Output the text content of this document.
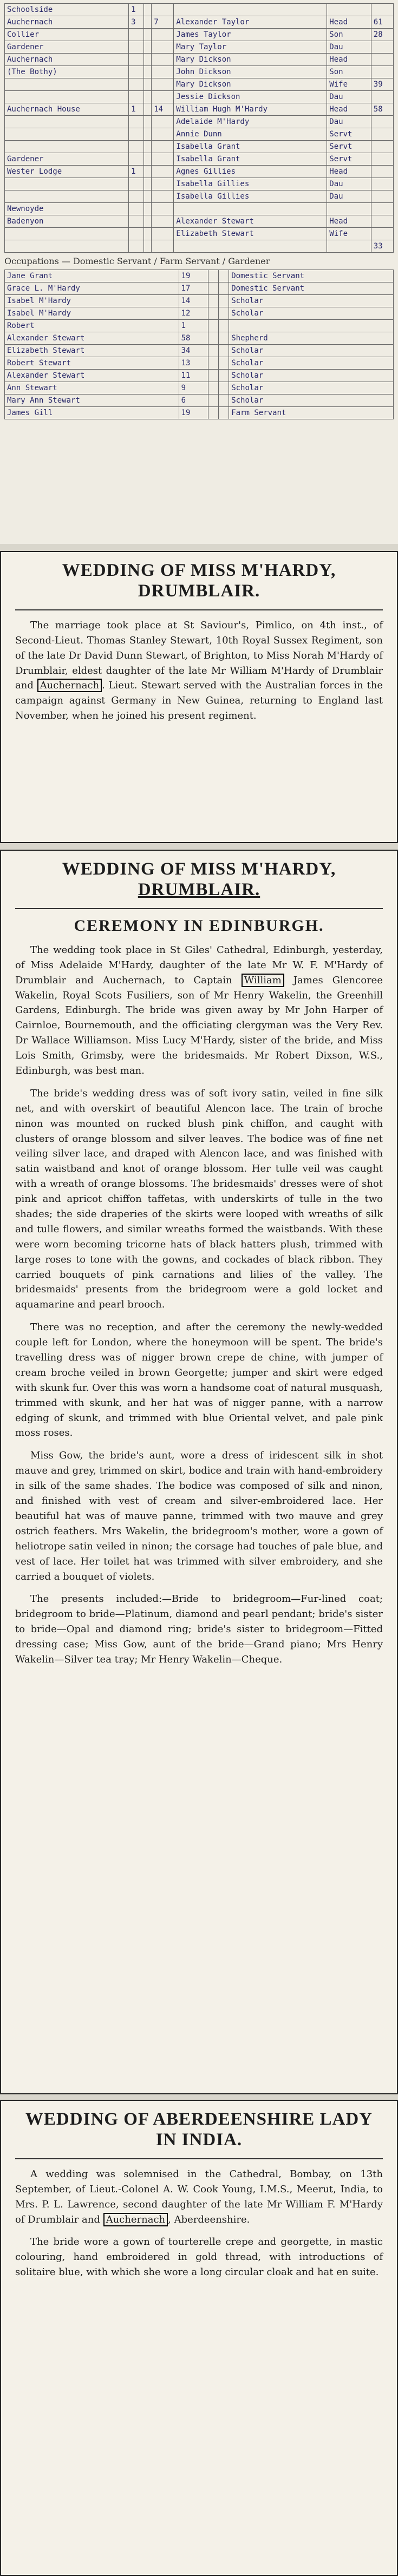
Schoolside	1					
Auchernach	3		7	Alexander Taylor	Head	61
Collier				James Taylor	Son	28
Gardener				Mary Taylor	Dau	
Auchernach				Mary Dickson	Head	
(The Bothy)				John Dickson	Son	
				Mary Dickson	Wife	39
				Jessie Dickson	Dau	
Auchernach House	1		14	William Hugh M'Hardy	Head	58
				Adelaide M'Hardy	Dau	
				Annie Dunn	Servt	
				Isabella Grant	Servt	
Gardener				Isabella Grant	Servt	
Wester Lodge	1			Agnes Gillies	Head	
				Isabella Gillies	Dau	
				Isabella Gillies	Dau	
Newnoyde						
Badenyon				Alexander Stewart	Head	
				Elizabeth Stewart	Wife	
						33
Occupations — Domestic Servant / Farm Servant / Gardener
Jane Grant	19			Domestic Servant
Grace L. M'Hardy	17			Domestic Servant
Isabel M'Hardy	14			Scholar
Isabel M'Hardy	12			Scholar
Robert	1			
Alexander Stewart	58			Shepherd
Elizabeth Stewart	34			Scholar
Robert Stewart	13			Scholar
Alexander Stewart	11			Scholar
Ann Stewart	9			Scholar
Mary Ann Stewart	6			Scholar
James Gill	19			Farm Servant
WEDDING OF MISS M'HARDY, DRUMBLAIR.

The marriage took place at St Saviour's, Pimlico, on 4th inst., of Second-Lieut. Thomas Stanley Stewart, 10th Royal Sussex Regiment, son of the late Dr David Dunn Stewart, of Brighton, to Miss Norah M'Hardy of Drumblair, eldest daughter of the late Mr William M'Hardy of Drumblair and Auchernach . Lieut. Stewart served with the Australian forces in the campaign against Germany in New Guinea, returning to England last November, when he joined his present regiment.

WEDDING OF MISS M'HARDY,
DRUMBLAIR.
CEREMONY IN EDINBURGH.

The wedding took place in St Giles' Cathedral, Edinburgh, yesterday, of Miss Adelaide M'Hardy, daughter of the late Mr W. F. M'Hardy of Drumblair and Auchernach, to Captain William James Glencoree Wakelin, Royal Scots Fusiliers, son of Mr Henry Wakelin, the Greenhill Gardens, Edinburgh. The bride was given away by Mr John Harper of Cairnloe, Bournemouth, and the officiating clergyman was the Very Rev. Dr Wallace Williamson. Miss Lucy M'Hardy, sister of the bride, and Miss Lois Smith, Grimsby, were the bridesmaids. Mr Robert Dixson, W.S., Edinburgh, was best man.

The bride's wedding dress was of soft ivory satin, veiled in fine silk net, and with overskirt of beautiful Alencon lace. The train of broche ninon was mounted on rucked blush pink chiffon, and caught with clusters of orange blossom and silver leaves. The bodice was of fine net veiling silver lace, and draped with Alencon lace, and was finished with satin waistband and knot of orange blossom. Her tulle veil was caught with a wreath of orange blossoms. The bridesmaids' dresses were of shot pink and apricot chiffon taffetas, with underskirts of tulle in the two shades; the side draperies of the skirts were looped with wreaths of silk and tulle flowers, and similar wreaths formed the waistbands. With these were worn becoming tricorne hats of black hatters plush, trimmed with large roses to tone with the gowns, and cockades of black ribbon. They carried bouquets of pink carnations and lilies of the valley. The bridesmaids' presents from the bridegroom were a gold locket and aquamarine and pearl brooch.

There was no reception, and after the ceremony the newly-wedded couple left for London, where the honeymoon will be spent. The bride's travelling dress was of nigger brown crepe de chine, with jumper of cream broche veiled in brown Georgette; jumper and skirt were edged with skunk fur. Over this was worn a handsome coat of natural musquash, trimmed with skunk, and her hat was of nigger panne, with a narrow edging of skunk, and trimmed with blue Oriental velvet, and pale pink moss roses.

Miss Gow, the bride's aunt, wore a dress of iridescent silk in shot mauve and grey, trimmed on skirt, bodice and train with hand-embroidery in silk of the same shades. The bodice was composed of silk and ninon, and finished with vest of cream and silver-embroidered lace. Her beautiful hat was of mauve panne, trimmed with two mauve and grey ostrich feathers. Mrs Wakelin, the bridegroom's mother, wore a gown of heliotrope satin veiled in ninon; the corsage had touches of pale blue, and vest of lace. Her toilet hat was trimmed with silver embroidery, and she carried a bouquet of violets.

The presents included:—Bride to bridegroom—Fur-lined coat; bridegroom to bride—Platinum, diamond and pearl pendant; bride's sister to bride—Opal and diamond ring; bride's sister to bridegroom—Fitted dressing case; Miss Gow, aunt of the bride—Grand piano; Mrs Henry Wakelin—Silver tea tray; Mr Henry Wakelin—Cheque.

WEDDING OF ABERDEENSHIRE LADY IN INDIA.

A wedding was solemnised in the Cathedral, Bombay, on 13th September, of Lieut.-Colonel A. W. Cook Young, I.M.S., Meerut, India, to Mrs. P. L. Lawrence, second daughter of the late Mr William F. M'Hardy of Drumblair and Auchernach , Aberdeenshire.

The bride wore a gown of tourterelle crepe and georgette, in mastic colouring, hand embroidered in gold thread, with introductions of solitaire blue, with which she wore a long circular cloak and hat en suite.
